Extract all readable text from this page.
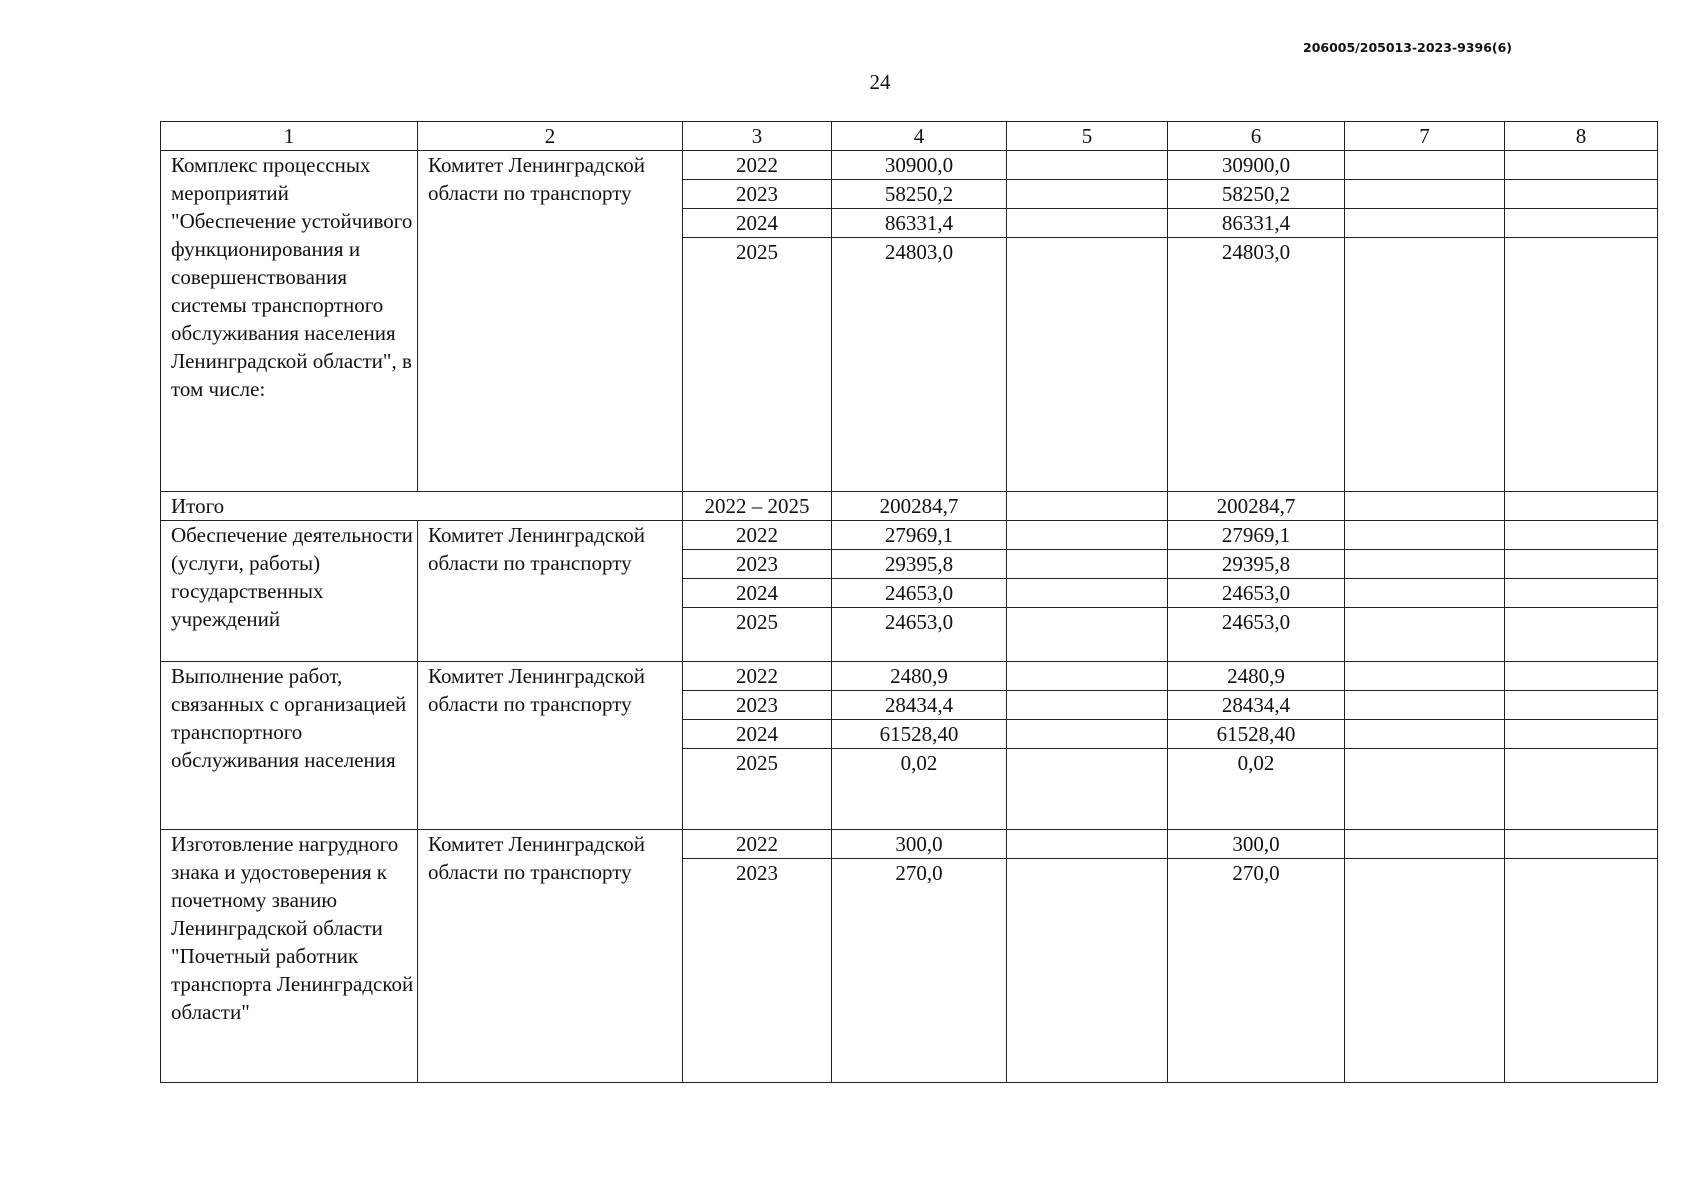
206005/205013-2023-9396(6)
24
1	2	3	4	5	6	7	8
Комплекс процессных мероприятий "Обеспечение устойчивого функционирования и совершенствования системы транспортного обслуживания населения Ленинградской области", в том числе:	Комитет Ленинградской области по транспорту	2022	30900,0		30900,0		
		2023	58250,2		58250,2		
		2024	86331,4		86331,4		
		2025	24803,0		24803,0		
Итого		2022 – 2025	200284,7		200284,7		
Обеспечение деятельности (услуги, работы) государственных учреждений	Комитет Ленинградской области по транспорту	2022	27969,1		27969,1		
		2023	29395,8		29395,8		
		2024	24653,0		24653,0		
		2025	24653,0		24653,0		
Выполнение работ, связанных с организацией транспортного обслуживания населения	Комитет Ленинградской области по транспорту	2022	2480,9		2480,9		
		2023	28434,4		28434,4		
		2024	61528,40		61528,40		
		2025	0,02		0,02		
Изготовление нагрудного знака и удостоверения к почетному званию Ленинградской области "Почетный работник транспорта Ленинградской области"	Комитет Ленинградской области по транспорту	2022	300,0		300,0		
		2023	270,0		270,0		
